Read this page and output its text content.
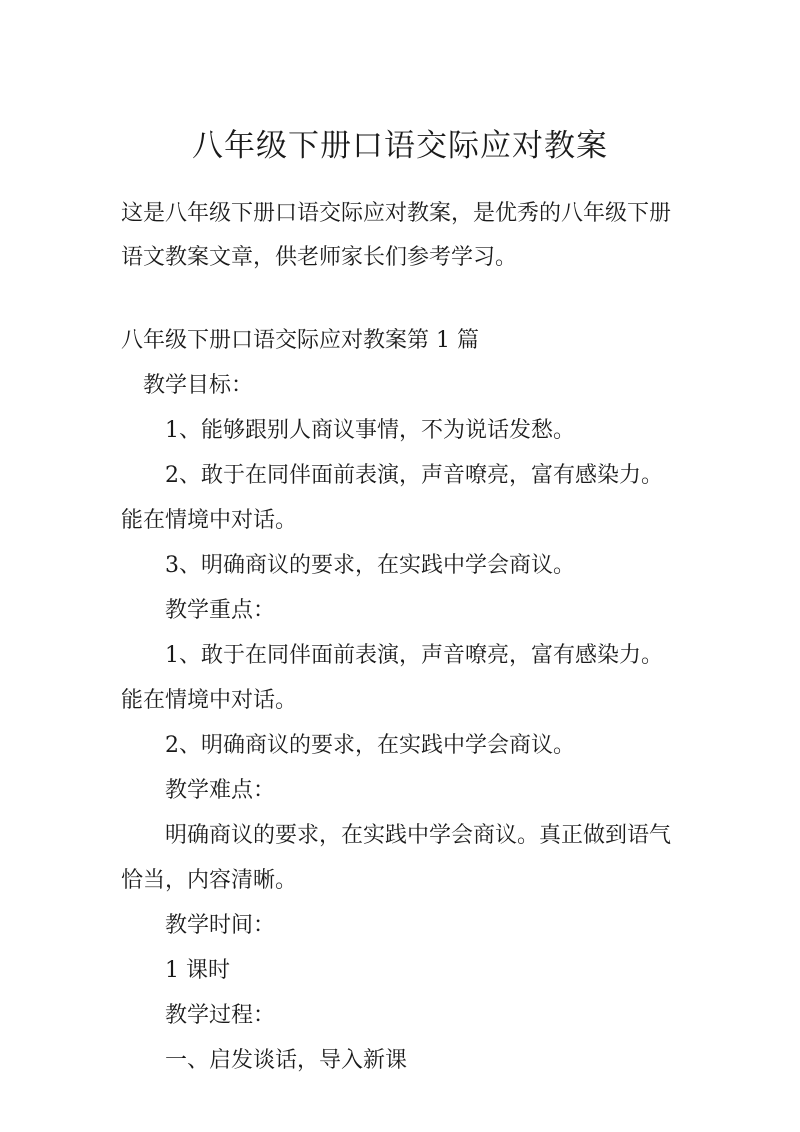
八年级下册口语交际应对教案

这是八年级下册口语交际应对教案，是优秀的八年级下册语文教案文章，供老师家长们参考学习。

八年级下册口语交际应对教案第 1 篇

教学目标：

1、能够跟别人商议事情，不为说话发愁。

2、敢于在同伴面前表演，声音嘹亮，富有感染力。能在情境中对话。

3、明确商议的要求，在实践中学会商议。

教学重点：

1、敢于在同伴面前表演，声音嘹亮，富有感染力。能在情境中对话。

2、明确商议的要求，在实践中学会商议。

教学难点：

明确商议的要求，在实践中学会商议。真正做到语气恰当，内容清晰。

教学时间：

1 课时

教学过程：

一、启发谈话，导入新课
